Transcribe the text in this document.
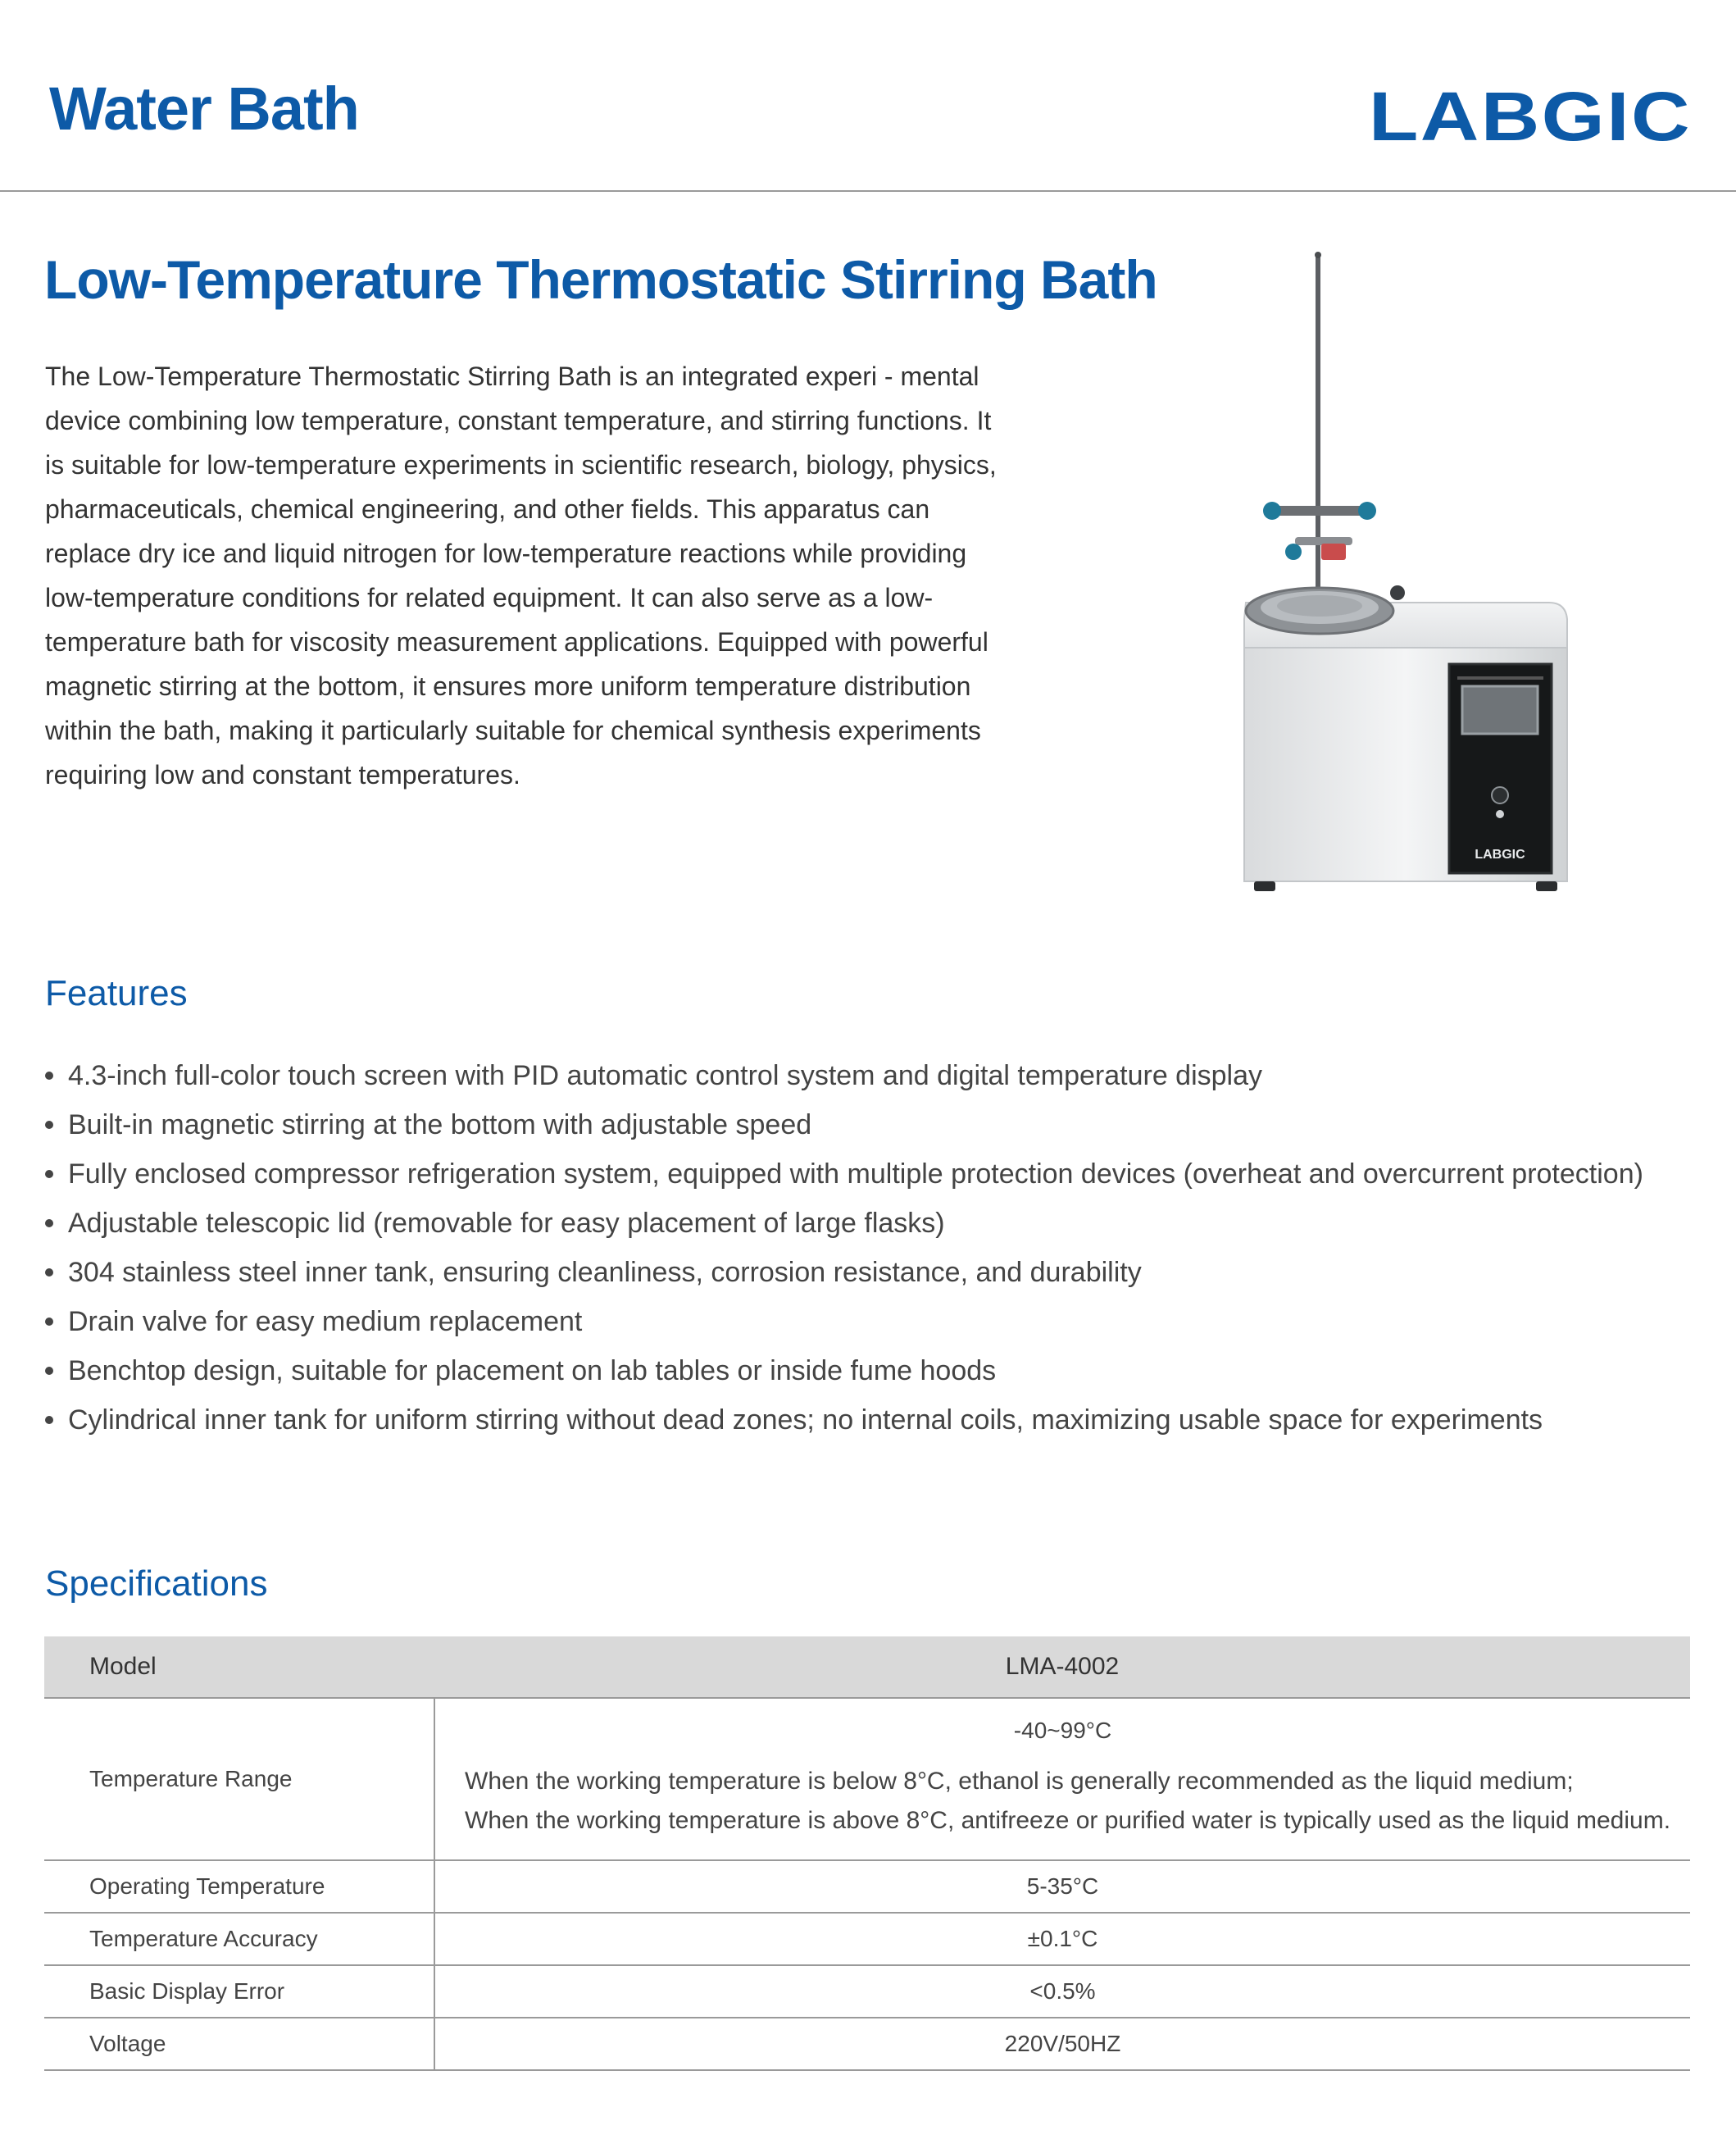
Water Bath	LABGIC
Low-Temperature Thermostatic Stirring Bath

The Low-Temperature Thermostatic Stirring Bath is an integrated experi - mental device combining low temperature, constant temperature, and stirring functions. It is suitable for low-temperature experiments in scientific research, biology, physics, pharmaceuticals, chemical engineering, and other fields. This apparatus can replace dry ice and liquid nitrogen for low-temperature reactions while providing low-temperature conditions for related equipment. It can also serve as a low-temperature bath for viscosity measurement applications. Equipped with powerful magnetic stirring at the bottom, it ensures more uniform temperature distribution within the bath, making it particularly suitable for chemical synthesis experiments requiring low and constant temperatures.

LABGIC
Features
4.3-inch full-color touch screen with PID automatic control system and digital temperature display
Built-in magnetic stirring at the bottom with adjustable speed
Fully enclosed compressor refrigeration system, equipped with multiple protection devices (overheat and overcurrent protection)
Adjustable telescopic lid (removable for easy placement of large flasks)
304 stainless steel inner tank, ensuring cleanliness, corrosion resistance, and durability
Drain valve for easy medium replacement
Benchtop design, suitable for placement on lab tables or inside fume hoods
Cylindrical inner tank for uniform stirring without dead zones; no internal coils, maximizing usable space for experiments
Specifications
Model	LMA-4002
Temperature Range	-40~99°C
When the working temperature is below 8°C, ethanol is generally recommended as the liquid medium;
When the working temperature is above 8°C, antifreeze or purified water is typically used as the liquid medium.

Operating Temperature	5-35°C
Temperature Accuracy	±0.1°C
Basic Display Error	<0.5%
Voltage	220V/50HZ
